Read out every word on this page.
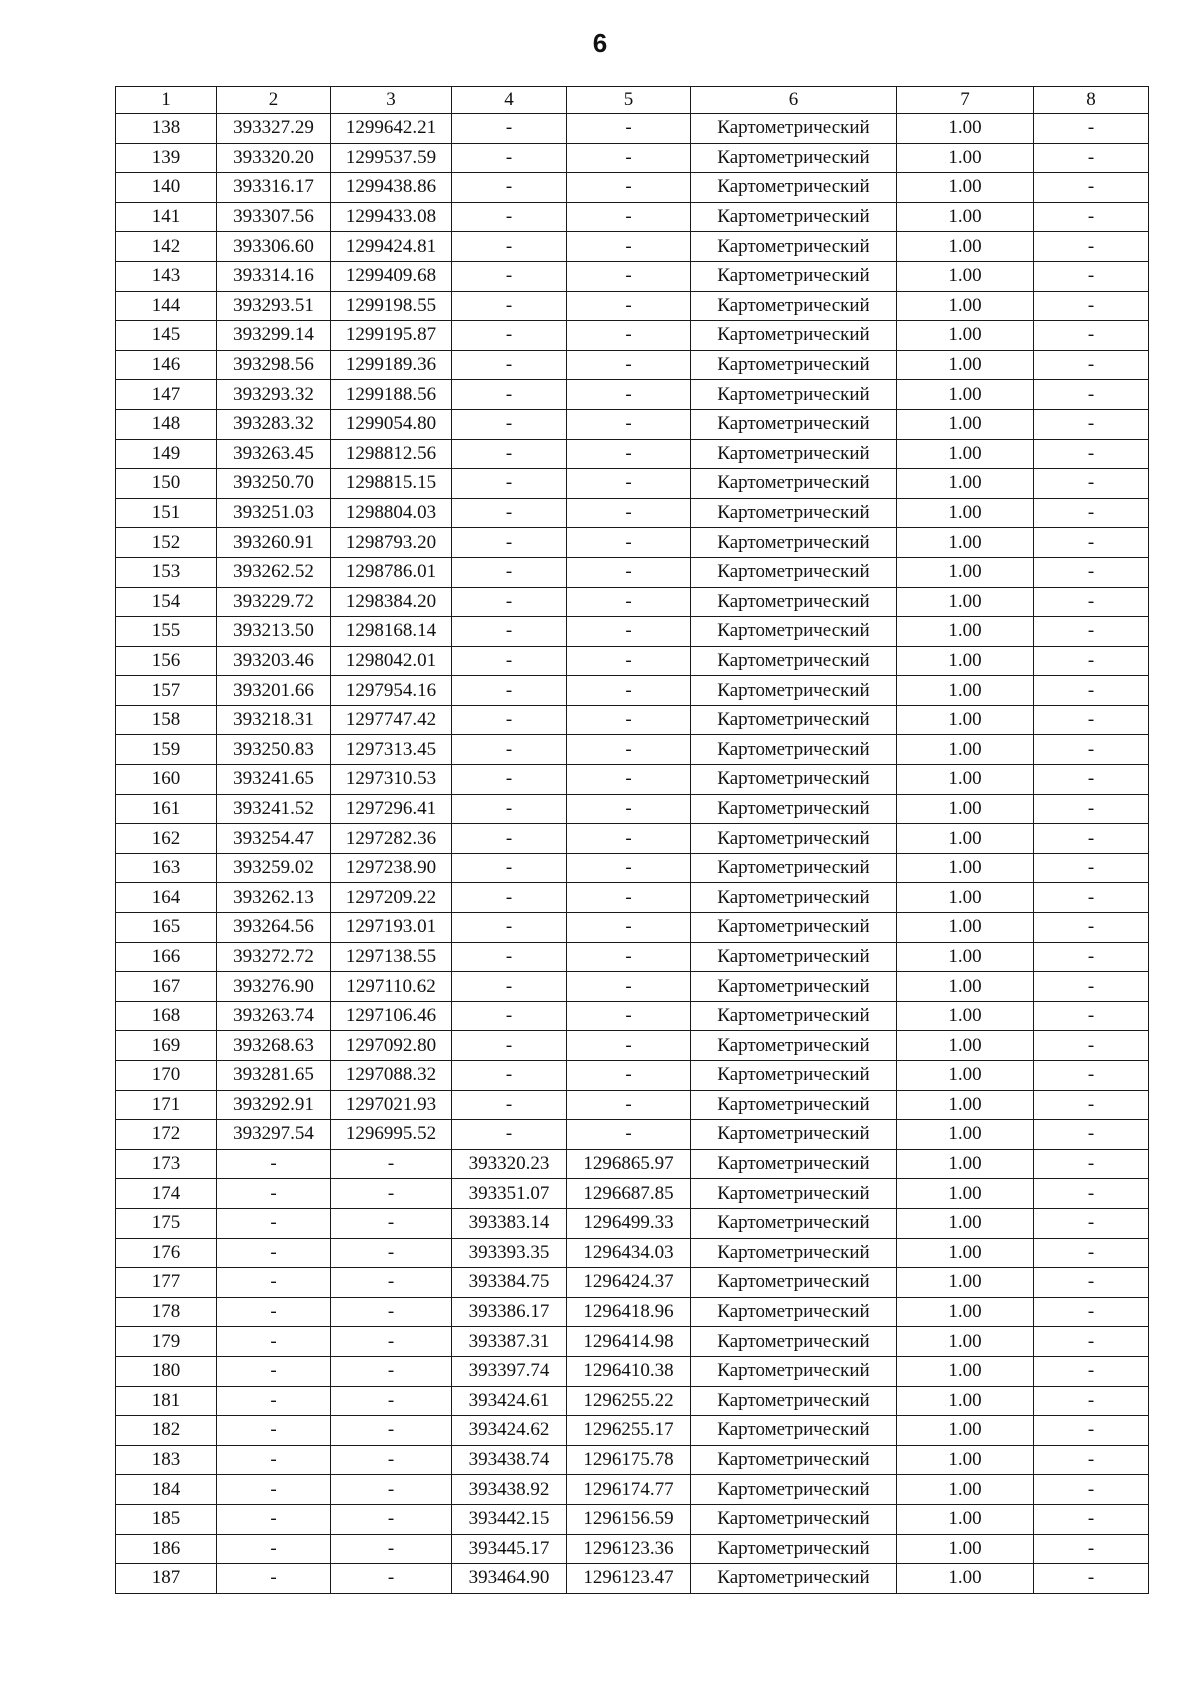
6
1	2	3	4	5	6	7	8
138	393327.29	1299642.21	-	-	Картометрический	1.00	-
139	393320.20	1299537.59	-	-	Картометрический	1.00	-
140	393316.17	1299438.86	-	-	Картометрический	1.00	-
141	393307.56	1299433.08	-	-	Картометрический	1.00	-
142	393306.60	1299424.81	-	-	Картометрический	1.00	-
143	393314.16	1299409.68	-	-	Картометрический	1.00	-
144	393293.51	1299198.55	-	-	Картометрический	1.00	-
145	393299.14	1299195.87	-	-	Картометрический	1.00	-
146	393298.56	1299189.36	-	-	Картометрический	1.00	-
147	393293.32	1299188.56	-	-	Картометрический	1.00	-
148	393283.32	1299054.80	-	-	Картометрический	1.00	-
149	393263.45	1298812.56	-	-	Картометрический	1.00	-
150	393250.70	1298815.15	-	-	Картометрический	1.00	-
151	393251.03	1298804.03	-	-	Картометрический	1.00	-
152	393260.91	1298793.20	-	-	Картометрический	1.00	-
153	393262.52	1298786.01	-	-	Картометрический	1.00	-
154	393229.72	1298384.20	-	-	Картометрический	1.00	-
155	393213.50	1298168.14	-	-	Картометрический	1.00	-
156	393203.46	1298042.01	-	-	Картометрический	1.00	-
157	393201.66	1297954.16	-	-	Картометрический	1.00	-
158	393218.31	1297747.42	-	-	Картометрический	1.00	-
159	393250.83	1297313.45	-	-	Картометрический	1.00	-
160	393241.65	1297310.53	-	-	Картометрический	1.00	-
161	393241.52	1297296.41	-	-	Картометрический	1.00	-
162	393254.47	1297282.36	-	-	Картометрический	1.00	-
163	393259.02	1297238.90	-	-	Картометрический	1.00	-
164	393262.13	1297209.22	-	-	Картометрический	1.00	-
165	393264.56	1297193.01	-	-	Картометрический	1.00	-
166	393272.72	1297138.55	-	-	Картометрический	1.00	-
167	393276.90	1297110.62	-	-	Картометрический	1.00	-
168	393263.74	1297106.46	-	-	Картометрический	1.00	-
169	393268.63	1297092.80	-	-	Картометрический	1.00	-
170	393281.65	1297088.32	-	-	Картометрический	1.00	-
171	393292.91	1297021.93	-	-	Картометрический	1.00	-
172	393297.54	1296995.52	-	-	Картометрический	1.00	-
173	-	-	393320.23	1296865.97	Картометрический	1.00	-
174	-	-	393351.07	1296687.85	Картометрический	1.00	-
175	-	-	393383.14	1296499.33	Картометрический	1.00	-
176	-	-	393393.35	1296434.03	Картометрический	1.00	-
177	-	-	393384.75	1296424.37	Картометрический	1.00	-
178	-	-	393386.17	1296418.96	Картометрический	1.00	-
179	-	-	393387.31	1296414.98	Картометрический	1.00	-
180	-	-	393397.74	1296410.38	Картометрический	1.00	-
181	-	-	393424.61	1296255.22	Картометрический	1.00	-
182	-	-	393424.62	1296255.17	Картометрический	1.00	-
183	-	-	393438.74	1296175.78	Картометрический	1.00	-
184	-	-	393438.92	1296174.77	Картометрический	1.00	-
185	-	-	393442.15	1296156.59	Картометрический	1.00	-
186	-	-	393445.17	1296123.36	Картометрический	1.00	-
187	-	-	393464.90	1296123.47	Картометрический	1.00	-
